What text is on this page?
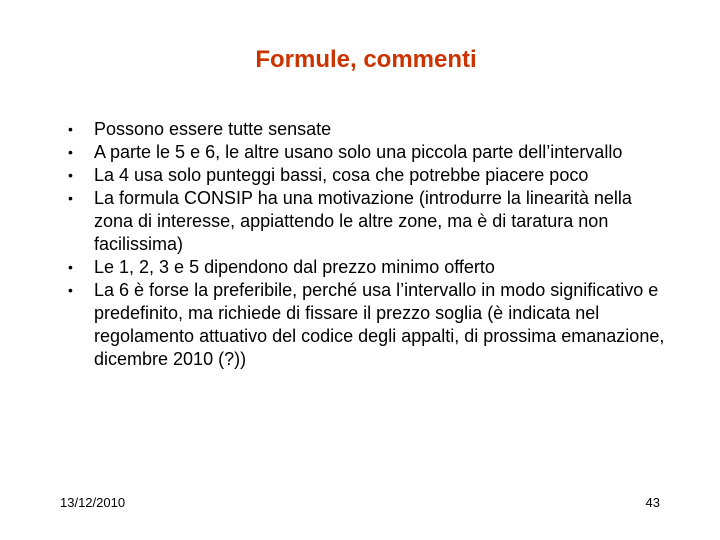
Formule, commenti
• Possono essere tutte sensate
• A parte le 5 e 6, le altre usano solo una piccola parte dell’intervallo
• La 4 usa solo punteggi bassi, cosa che potrebbe piacere poco
• La formula CONSIP ha una motivazione (introdurre la linearità nella zona di interesse, appiattendo le altre zone, ma è di taratura non facilissima)
• Le 1, 2, 3 e 5 dipendono dal prezzo minimo offerto
• La 6 è forse la preferibile, perché usa l’intervallo in modo significativo e predefinito, ma richiede di fissare il prezzo soglia (è indicata nel regolamento attuativo del codice degli appalti, di prossima emanazione, dicembre 2010 (?))
13/12/2010	43
